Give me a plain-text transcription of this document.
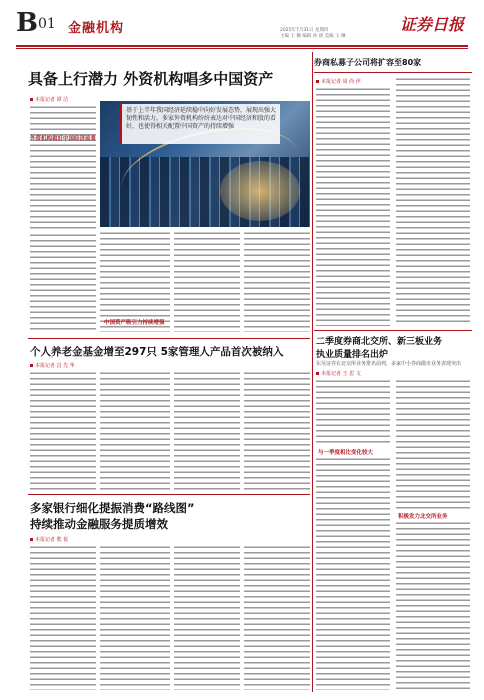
B 01 金融机构	2025年7月31日 星期四
主编 王 璐 编辑 孙 倩 美编 王 琳
证券日报
具备上行潜力 外资机构唱多中国资产
本报记者 谭 洁
基于上半年我国经济延续稳中向好发展态势，展现出强大韧性和活力，多家外资机构纷纷表达对中国经济和股的看好，也使得相关配置中国资产的持续增强
外资机构看好中国经济前景
中国资产吸引力持续增强
券商私募子公司将扩容至80家
本报记者 周 尚 伊
二季度券商北交所、新三板业务
执业质量排名出炉
东吴证券在北交所业务排名前列，多家中小券商做市业务表现突出
本报记者 王 思 文
与一季度相比变化较大
积极发力北交所业务
个人养老金基金增至297只 5家管理人产品首次被纳入
本报记者 昌 先 华
多家银行细化提振消费“路线图”
持续推动金融服务提质增效
本报记者 熊 悦
